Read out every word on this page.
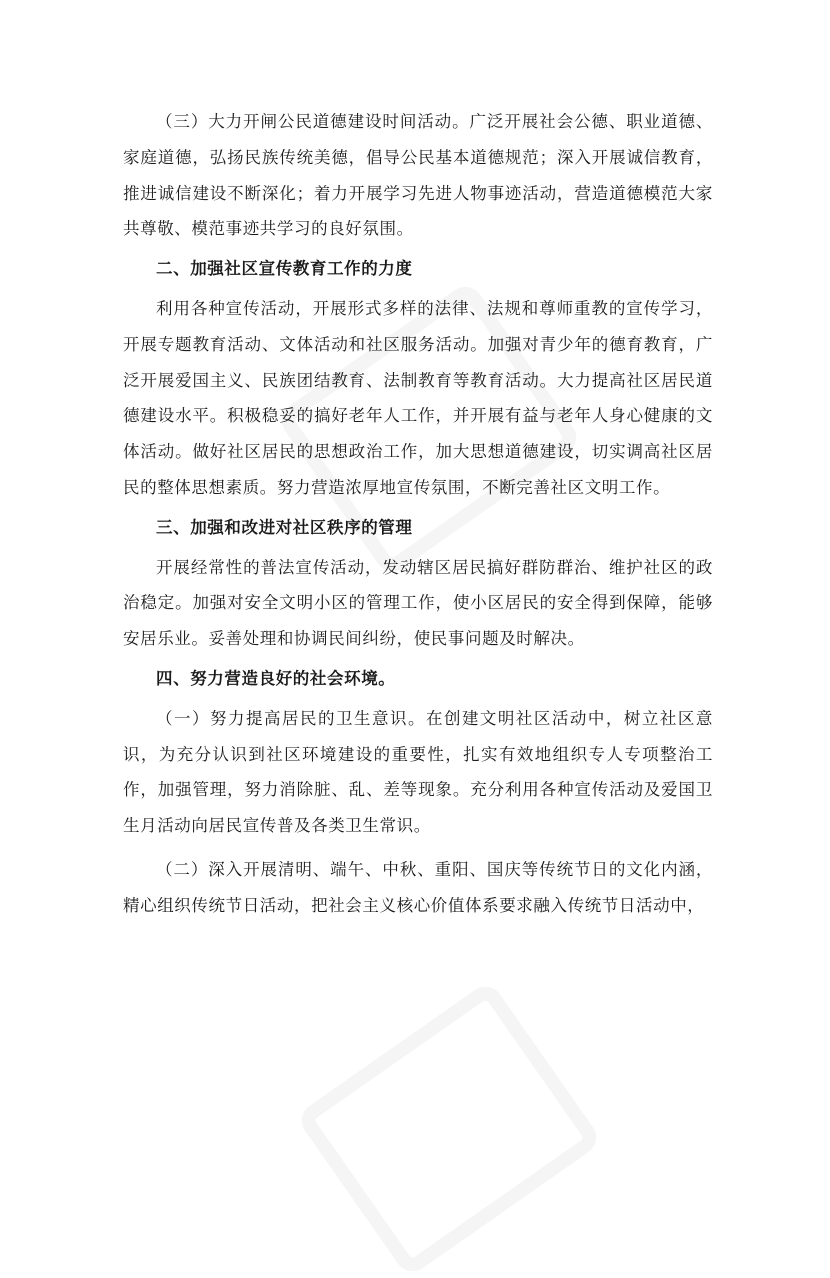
（三）大力开闸公民道德建设时间活动。广泛开展社会公德、职业道德、家庭道德，弘扬民族传统美德，倡导公民基本道德规范；深入开展诚信教育，推进诚信建设不断深化；着力开展学习先进人物事迹活动，营造道德模范大家共尊敬、模范事迹共学习的良好氛围。

二、加强社区宣传教育工作的力度

利用各种宣传活动，开展形式多样的法律、法规和尊师重教的宣传学习，开展专题教育活动、文体活动和社区服务活动。加强对青少年的德育教育，广泛开展爱国主义、民族团结教育、法制教育等教育活动。大力提高社区居民道德建设水平。积极稳妥的搞好老年人工作，并开展有益与老年人身心健康的文体活动。做好社区居民的思想政治工作，加大思想道德建设，切实调高社区居民的整体思想素质。努力营造浓厚地宣传氛围，不断完善社区文明工作。

三、加强和改进对社区秩序的管理

开展经常性的普法宣传活动，发动辖区居民搞好群防群治、维护社区的政治稳定。加强对安全文明小区的管理工作，使小区居民的安全得到保障，能够安居乐业。妥善处理和协调民间纠纷，使民事问题及时解决。

四、努力营造良好的社会环境。

（一）努力提高居民的卫生意识。在创建文明社区活动中，树立社区意识，为充分认识到社区环境建设的重要性，扎实有效地组织专人专项整治工作，加强管理，努力消除脏、乱、差等现象。充分利用各种宣传活动及爱国卫生月活动向居民宣传普及各类卫生常识。

（二）深入开展清明、端午、中秋、重阳、国庆等传统节日的文化内涵，精心组织传统节日活动，把社会主义核心价值体系要求融入传统节日活动中，
